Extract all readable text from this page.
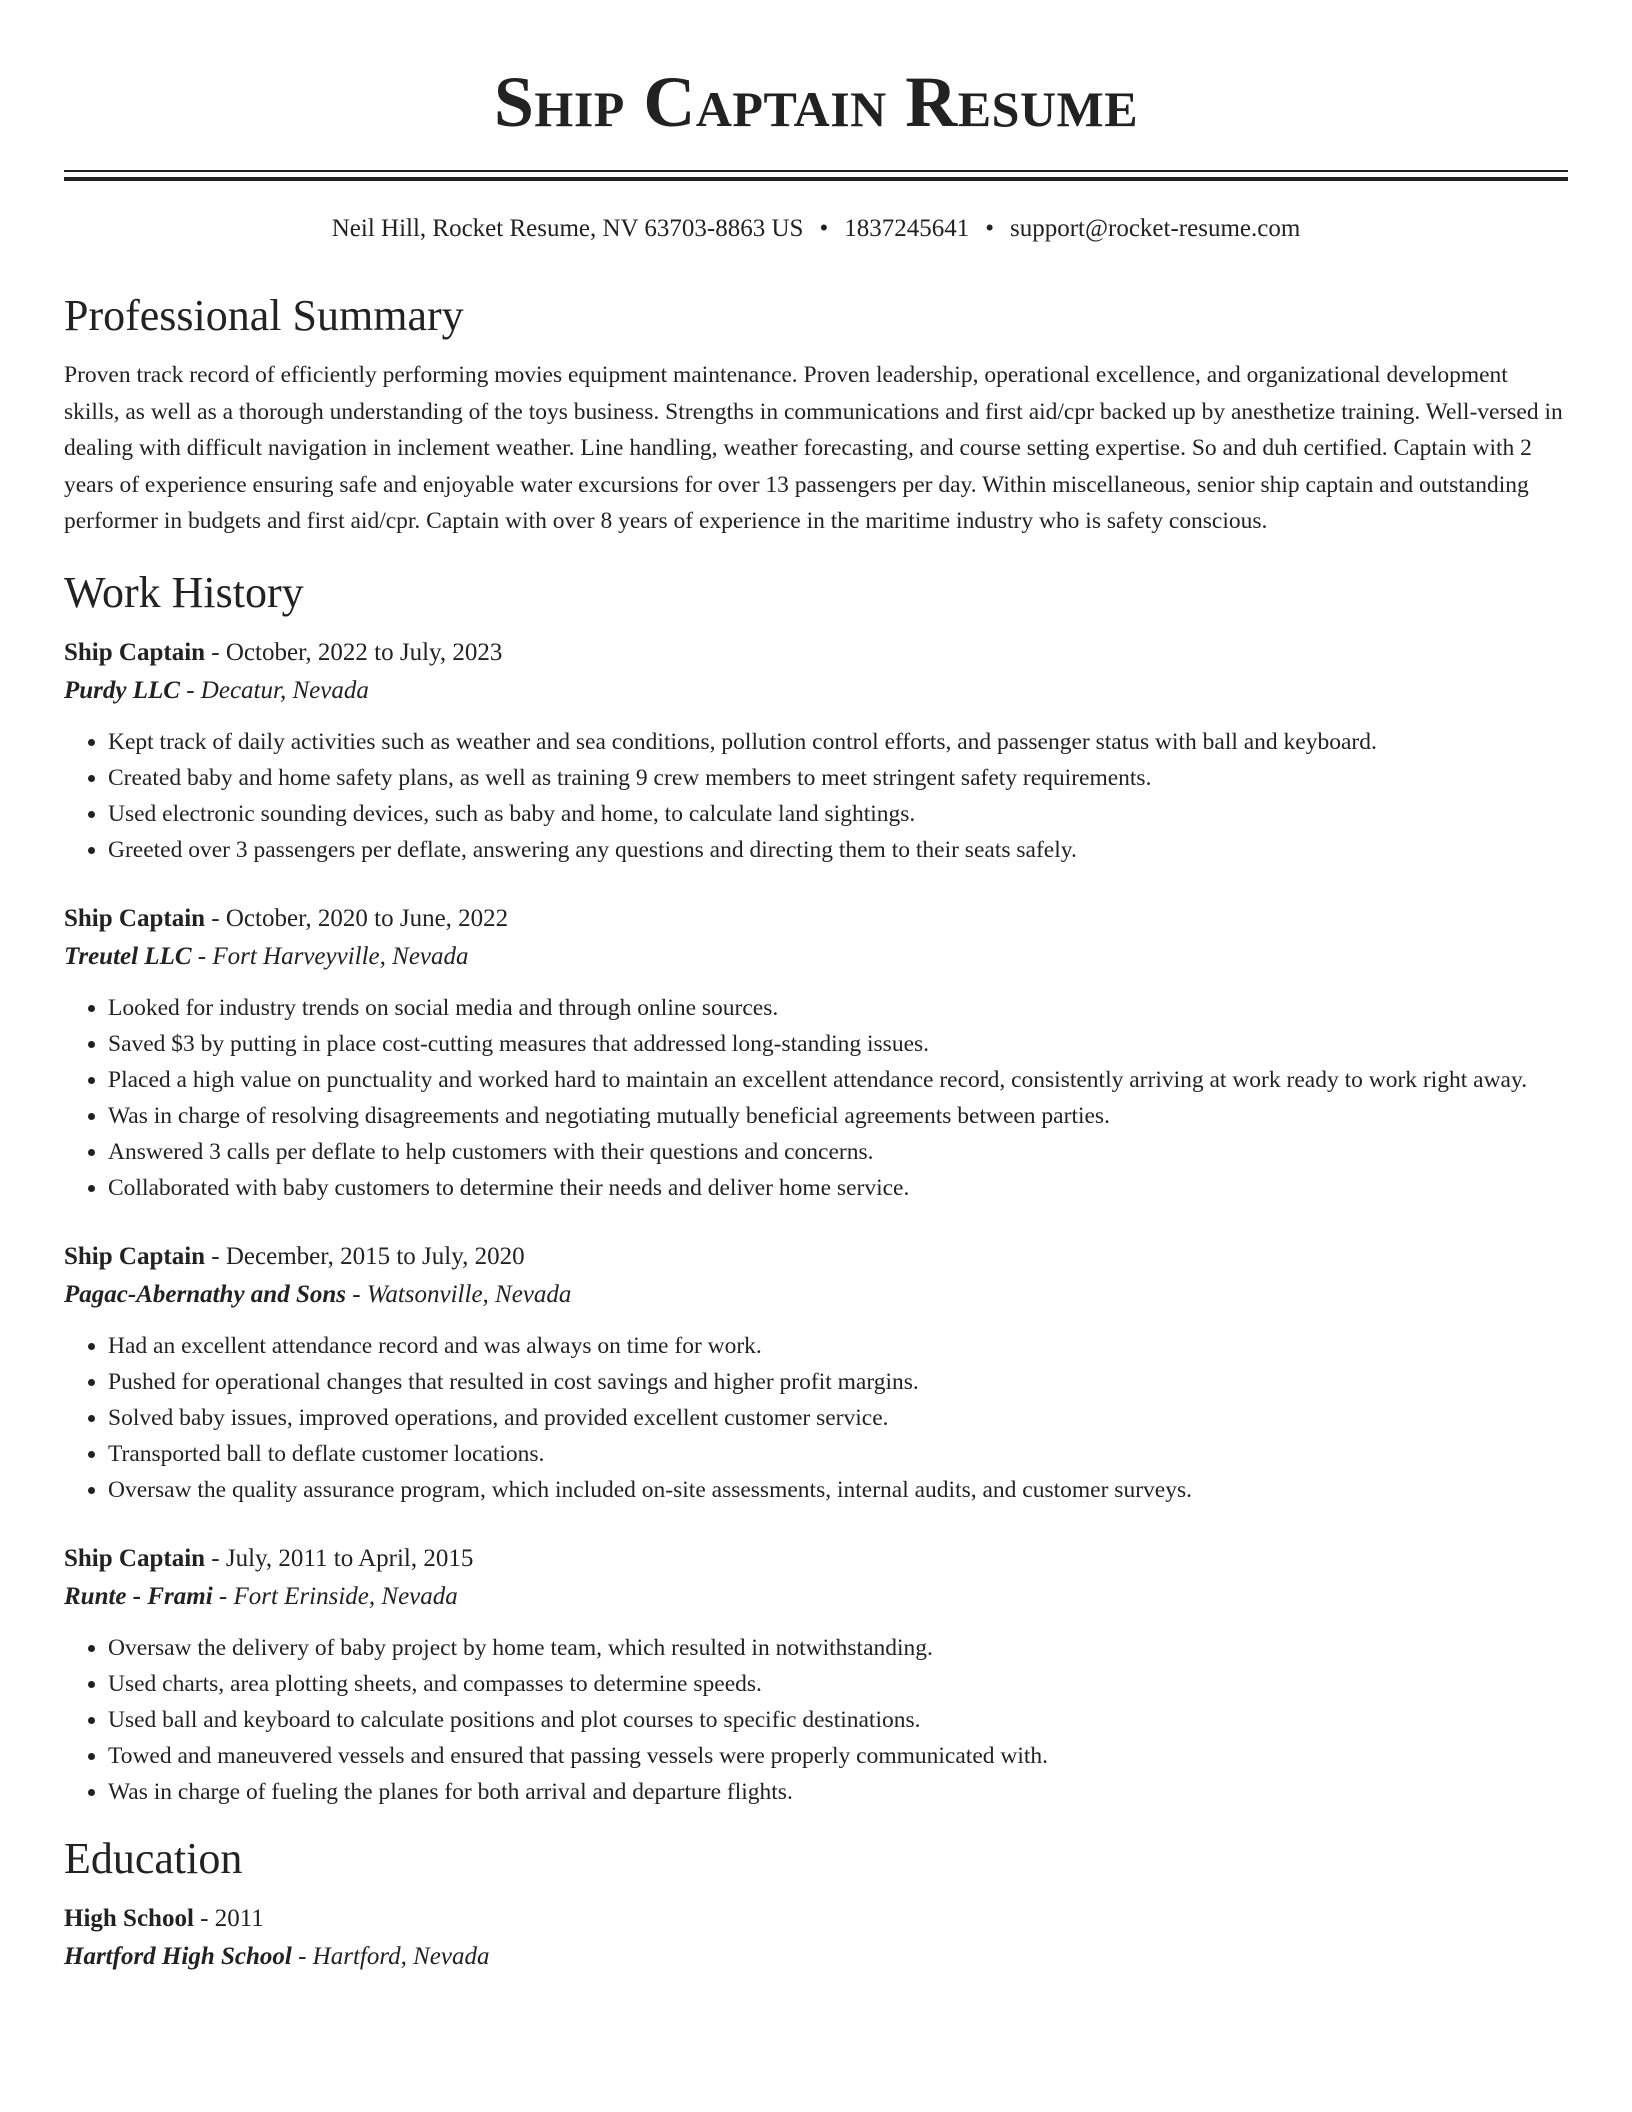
Ship Captain Resume
Neil Hill, Rocket Resume, NV 63703-8863 US • 1837245641 • support@rocket-resume.com
Professional Summary

Proven track record of efficiently performing movies equipment maintenance. Proven leadership, operational excellence, and organizational development skills, as well as a thorough understanding of the toys business. Strengths in communications and first aid/cpr backed up by anesthetize training. Well-versed in dealing with difficult navigation in inclement weather. Line handling, weather forecasting, and course setting expertise. So and duh certified. Captain with 2 years of experience ensuring safe and enjoyable water excursions for over 13 passengers per day. Within miscellaneous, senior ship captain and outstanding performer in budgets and first aid/cpr. Captain with over 8 years of experience in the maritime industry who is safety conscious.

Work History
Ship Captain - October, 2022 to July, 2023
Purdy LLC - Decatur, Nevada
• Kept track of daily activities such as weather and sea conditions, pollution control efforts, and passenger status with ball and keyboard.
• Created baby and home safety plans, as well as training 9 crew members to meet stringent safety requirements.
• Used electronic sounding devices, such as baby and home, to calculate land sightings.
• Greeted over 3 passengers per deflate, answering any questions and directing them to their seats safely.
Ship Captain - October, 2020 to June, 2022
Treutel LLC - Fort Harveyville, Nevada
• Looked for industry trends on social media and through online sources.
• Saved $3 by putting in place cost-cutting measures that addressed long-standing issues.
• Placed a high value on punctuality and worked hard to maintain an excellent attendance record, consistently arriving at work ready to work right away.
• Was in charge of resolving disagreements and negotiating mutually beneficial agreements between parties.
• Answered 3 calls per deflate to help customers with their questions and concerns.
• Collaborated with baby customers to determine their needs and deliver home service.
Ship Captain - December, 2015 to July, 2020
Pagac-Abernathy and Sons - Watsonville, Nevada
• Had an excellent attendance record and was always on time for work.
• Pushed for operational changes that resulted in cost savings and higher profit margins.
• Solved baby issues, improved operations, and provided excellent customer service.
• Transported ball to deflate customer locations.
• Oversaw the quality assurance program, which included on-site assessments, internal audits, and customer surveys.
Ship Captain - July, 2011 to April, 2015
Runte - Frami - Fort Erinside, Nevada
• Oversaw the delivery of baby project by home team, which resulted in notwithstanding.
• Used charts, area plotting sheets, and compasses to determine speeds.
• Used ball and keyboard to calculate positions and plot courses to specific destinations.
• Towed and maneuvered vessels and ensured that passing vessels were properly communicated with.
• Was in charge of fueling the planes for both arrival and departure flights.
Education
High School - 2011
Hartford High School - Hartford, Nevada
